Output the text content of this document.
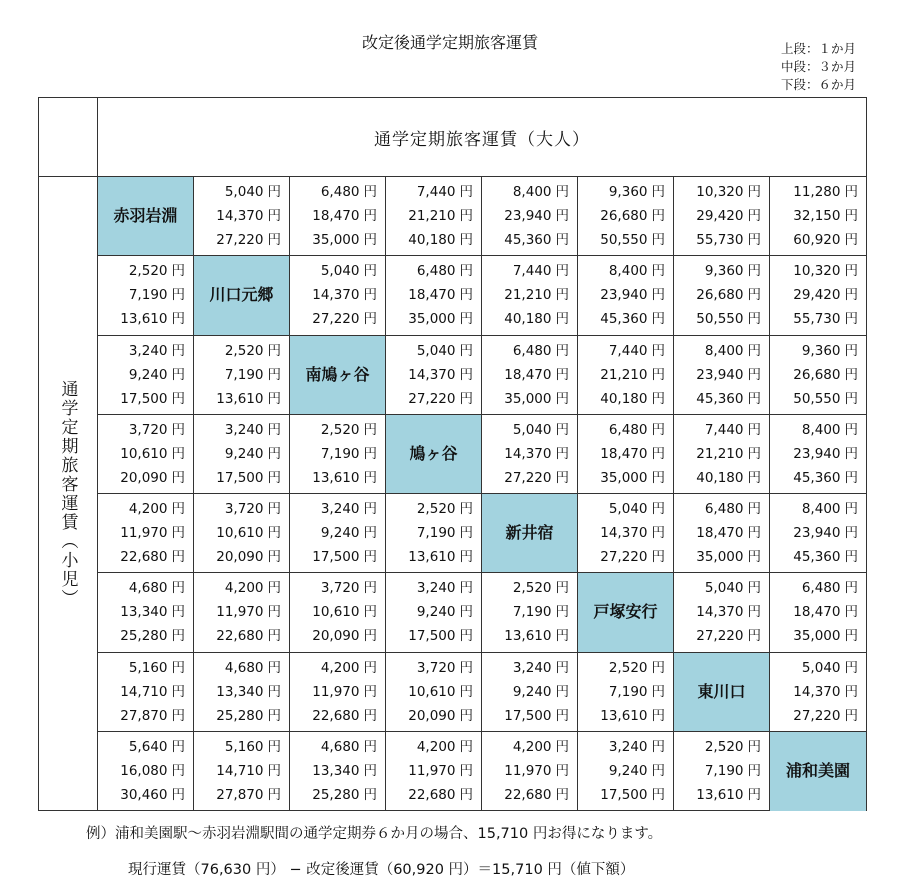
改定後通学定期旅客運賃	上段：１か月
中段：３か月
下段：６か月
通学定期旅客運賃（大人）
通学定期旅客運賃（小児）
赤羽岩淵
5,040 円
14,370 円
27,220 円
6,480 円
18,470 円
35,000 円
7,440 円
21,210 円
40,180 円
8,400 円
23,940 円
45,360 円
9,360 円
26,680 円
50,550 円
10,320 円
29,420 円
55,730 円
11,280 円
32,150 円
60,920 円
2,520 円
7,190 円
13,610 円
川口元郷
5,040 円
14,370 円
27,220 円
6,480 円
18,470 円
35,000 円
7,440 円
21,210 円
40,180 円
8,400 円
23,940 円
45,360 円
9,360 円
26,680 円
50,550 円
10,320 円
29,420 円
55,730 円
3,240 円
9,240 円
17,500 円
2,520 円
7,190 円
13,610 円
南鳩ヶ谷
5,040 円
14,370 円
27,220 円
6,480 円
18,470 円
35,000 円
7,440 円
21,210 円
40,180 円
8,400 円
23,940 円
45,360 円
9,360 円
26,680 円
50,550 円
3,720 円
10,610 円
20,090 円
3,240 円
9,240 円
17,500 円
2,520 円
7,190 円
13,610 円
鳩ヶ谷
5,040 円
14,370 円
27,220 円
6,480 円
18,470 円
35,000 円
7,440 円
21,210 円
40,180 円
8,400 円
23,940 円
45,360 円
4,200 円
11,970 円
22,680 円
3,720 円
10,610 円
20,090 円
3,240 円
9,240 円
17,500 円
2,520 円
7,190 円
13,610 円
新井宿
5,040 円
14,370 円
27,220 円
6,480 円
18,470 円
35,000 円
8,400 円
23,940 円
45,360 円
4,680 円
13,340 円
25,280 円
4,200 円
11,970 円
22,680 円
3,720 円
10,610 円
20,090 円
3,240 円
9,240 円
17,500 円
2,520 円
7,190 円
13,610 円
戸塚安行
5,040 円
14,370 円
27,220 円
6,480 円
18,470 円
35,000 円
5,160 円
14,710 円
27,870 円
4,680 円
13,340 円
25,280 円
4,200 円
11,970 円
22,680 円
3,720 円
10,610 円
20,090 円
3,240 円
9,240 円
17,500 円
2,520 円
7,190 円
13,610 円
東川口
5,040 円
14,370 円
27,220 円
5,640 円
16,080 円
30,460 円
5,160 円
14,710 円
27,870 円
4,680 円
13,340 円
25,280 円
4,200 円
11,970 円
22,680 円
4,200 円
11,970 円
22,680 円
3,240 円
9,240 円
17,500 円
2,520 円
7,190 円
13,610 円
浦和美園
例）浦和美園駅～赤羽岩淵駅間の通学定期券６か月の場合、15,710 円お得になります。
現行運賃（76,630 円） − 改定後運賃（60,920 円）＝15,710 円（値下額）
